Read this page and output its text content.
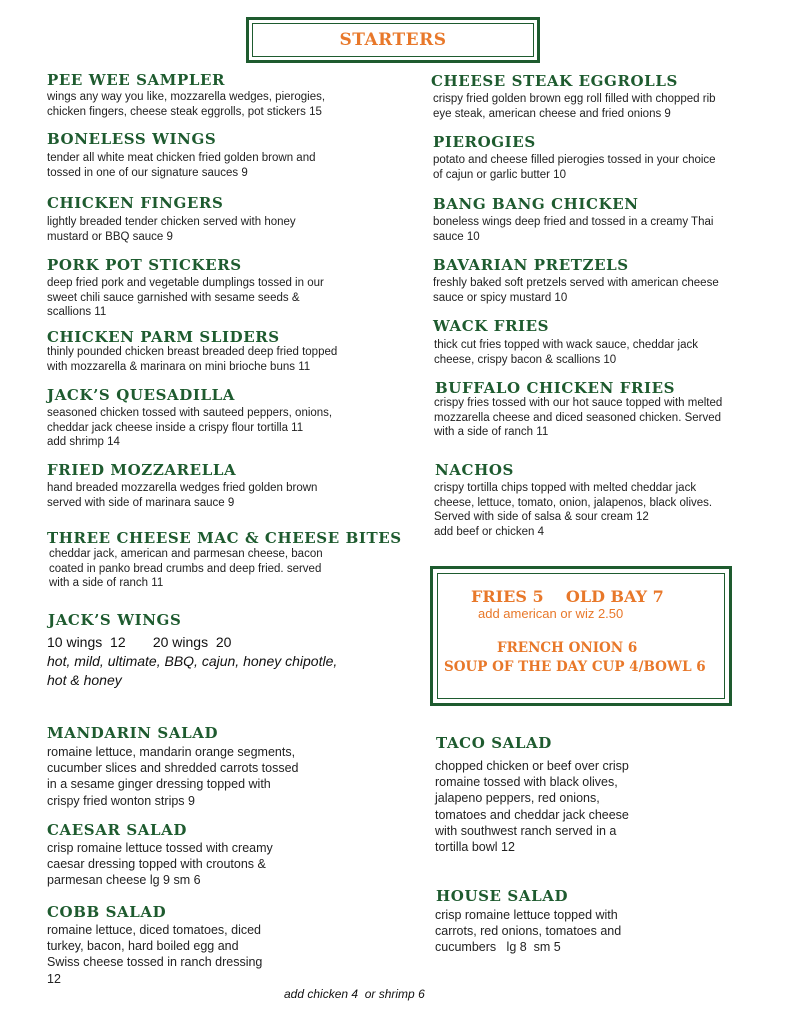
STARTERS
PEE WEE SAMPLER
wings any way you like, mozzarella wedges, pierogies,
chicken fingers, cheese steak eggrolls, pot stickers 15
BONELESS WINGS
tender all white meat chicken fried golden brown and
tossed in one of our signature sauces 9
CHICKEN FINGERS
lightly breaded tender chicken served with honey
mustard or BBQ sauce 9
PORK POT STICKERS
deep fried pork and vegetable dumplings tossed in our
sweet chili sauce garnished with sesame seeds &
scallions 11
CHICKEN PARM SLIDERS
thinly pounded chicken breast breaded deep fried topped
with mozzarella & marinara on mini brioche buns 11
JACK’S QUESADILLA
seasoned chicken tossed with sauteed peppers, onions,
cheddar jack cheese inside a crispy flour tortilla 11
add shrimp 14
FRIED MOZZARELLA
hand breaded mozzarella wedges fried golden brown
served with side of marinara sauce 9
THREE CHEESE MAC & CHEESE BITES
cheddar jack, american and parmesan cheese, bacon
coated in panko bread crumbs and deep fried. served
with a side of ranch 11
JACK’S WINGS
10 wings  12       20 wings  20
hot, mild, ultimate, BBQ, cajun, honey chipotle,
hot & honey
CHEESE STEAK EGGROLLS
crispy fried golden brown egg roll filled with chopped rib
eye steak, american cheese and fried onions 9
PIEROGIES
potato and cheese filled pierogies tossed in your choice
of cajun or garlic butter 10
BANG BANG CHICKEN
boneless wings deep fried and tossed in a creamy Thai
sauce 10
BAVARIAN PRETZELS
freshly baked soft pretzels served with american cheese
sauce or spicy mustard 10
WACK FRIES
thick cut fries topped with wack sauce, cheddar jack
cheese, crispy bacon & scallions 10
BUFFALO CHICKEN FRIES
crispy fries tossed with our hot sauce topped with melted
mozzarella cheese and diced seasoned chicken. Served
with a side of ranch 11
NACHOS
crispy tortilla chips topped with melted cheddar jack
cheese, lettuce, tomato, onion, jalapenos, black olives.
Served with side of salsa & sour cream 12
add beef or chicken 4
FRIES 5    OLD BAY 7
add american or wiz 2.50
FRENCH ONION 6
SOUP OF THE DAY CUP 4/BOWL 6
MANDARIN SALAD
romaine lettuce, mandarin orange segments,
cucumber slices and shredded carrots tossed
in a sesame ginger dressing topped with
crispy fried wonton strips 9
CAESAR SALAD
crisp romaine lettuce tossed with creamy
caesar dressing topped with croutons &
parmesan cheese lg 9 sm 6
COBB SALAD
romaine lettuce, diced tomatoes, diced
turkey, bacon, hard boiled egg and
Swiss cheese tossed in ranch dressing
12
TACO SALAD
chopped chicken or beef over crisp
romaine tossed with black olives,
jalapeno peppers, red onions,
tomatoes and cheddar jack cheese
with southwest ranch served in a
tortilla bowl 12
HOUSE SALAD
crisp romaine lettuce topped with
carrots, red onions, tomatoes and
cucumbers   lg 8  sm 5
add chicken 4  or shrimp 6
